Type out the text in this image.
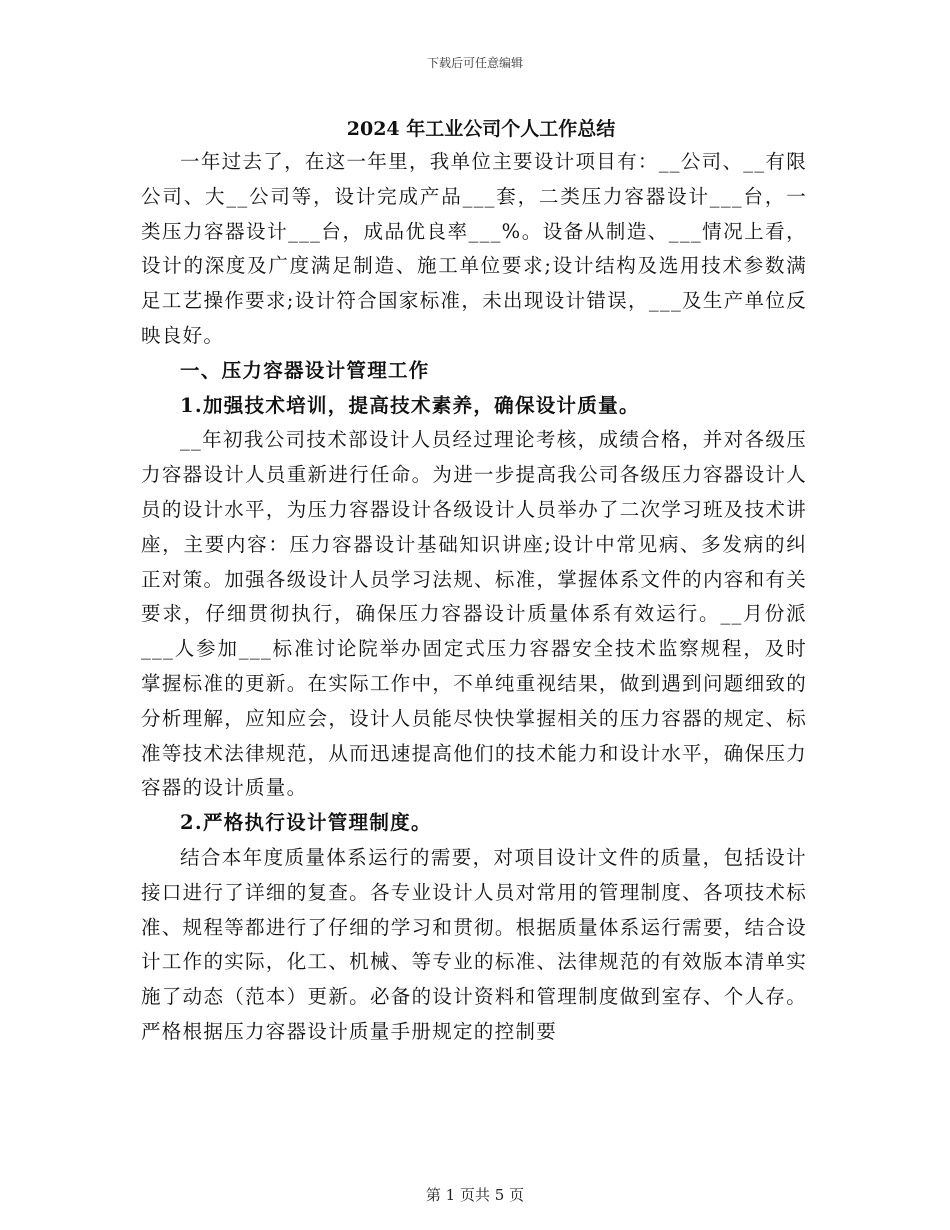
下载后可任意编辑
2024 年工业公司个人工作总结

一年过去了，在这一年里，我单位主要设计项目有：__公司、__有限公司、大__公司等，设计完成产品___套，二类压力容器设计___台，一类压力容器设计___台，成品优良率___%。设备从制造、___情况上看，设计的深度及广度满足制造、施工单位要求;设计结构及选用技术参数满足工艺操作要求;设计符合国家标准，未出现设计错误，___及生产单位反映良好。

一、压力容器设计管理工作

1.加强技术培训，提高技术素养，确保设计质量。

__年初我公司技术部设计人员经过理论考核，成绩合格，并对各级压力容器设计人员重新进行任命。为进一步提高我公司各级压力容器设计人员的设计水平，为压力容器设计各级设计人员举办了二次学习班及技术讲座，主要内容：压力容器设计基础知识讲座;设计中常见病、多发病的纠正对策。加强各级设计人员学习法规、标准，掌握体系文件的内容和有关要求，仔细贯彻执行，确保压力容器设计质量体系有效运行。__月份派___人参加___标准讨论院举办固定式压力容器安全技术监察规程，及时掌握标准的更新。在实际工作中，不单纯重视结果，做到遇到问题细致的分析理解，应知应会，设计人员能尽快快掌握相关的压力容器的规定、标准等技术法律规范，从而迅速提高他们的技术能力和设计水平，确保压力容器的设计质量。

2.严格执行设计管理制度。

结合本年度质量体系运行的需要，对项目设计文件的质量，包括设计接口进行了详细的复查。各专业设计人员对常用的管理制度、各项技术标准、规程等都进行了仔细的学习和贯彻。根据质量体系运行需要，结合设计工作的实际，化工、机械、等专业的标准、法律规范的有效版本清单实施了动态（范本）更新。必备的设计资料和管理制度做到室存、个人存。严格根据压力容器设计质量手册规定的控制要

第 1 页共 5 页
